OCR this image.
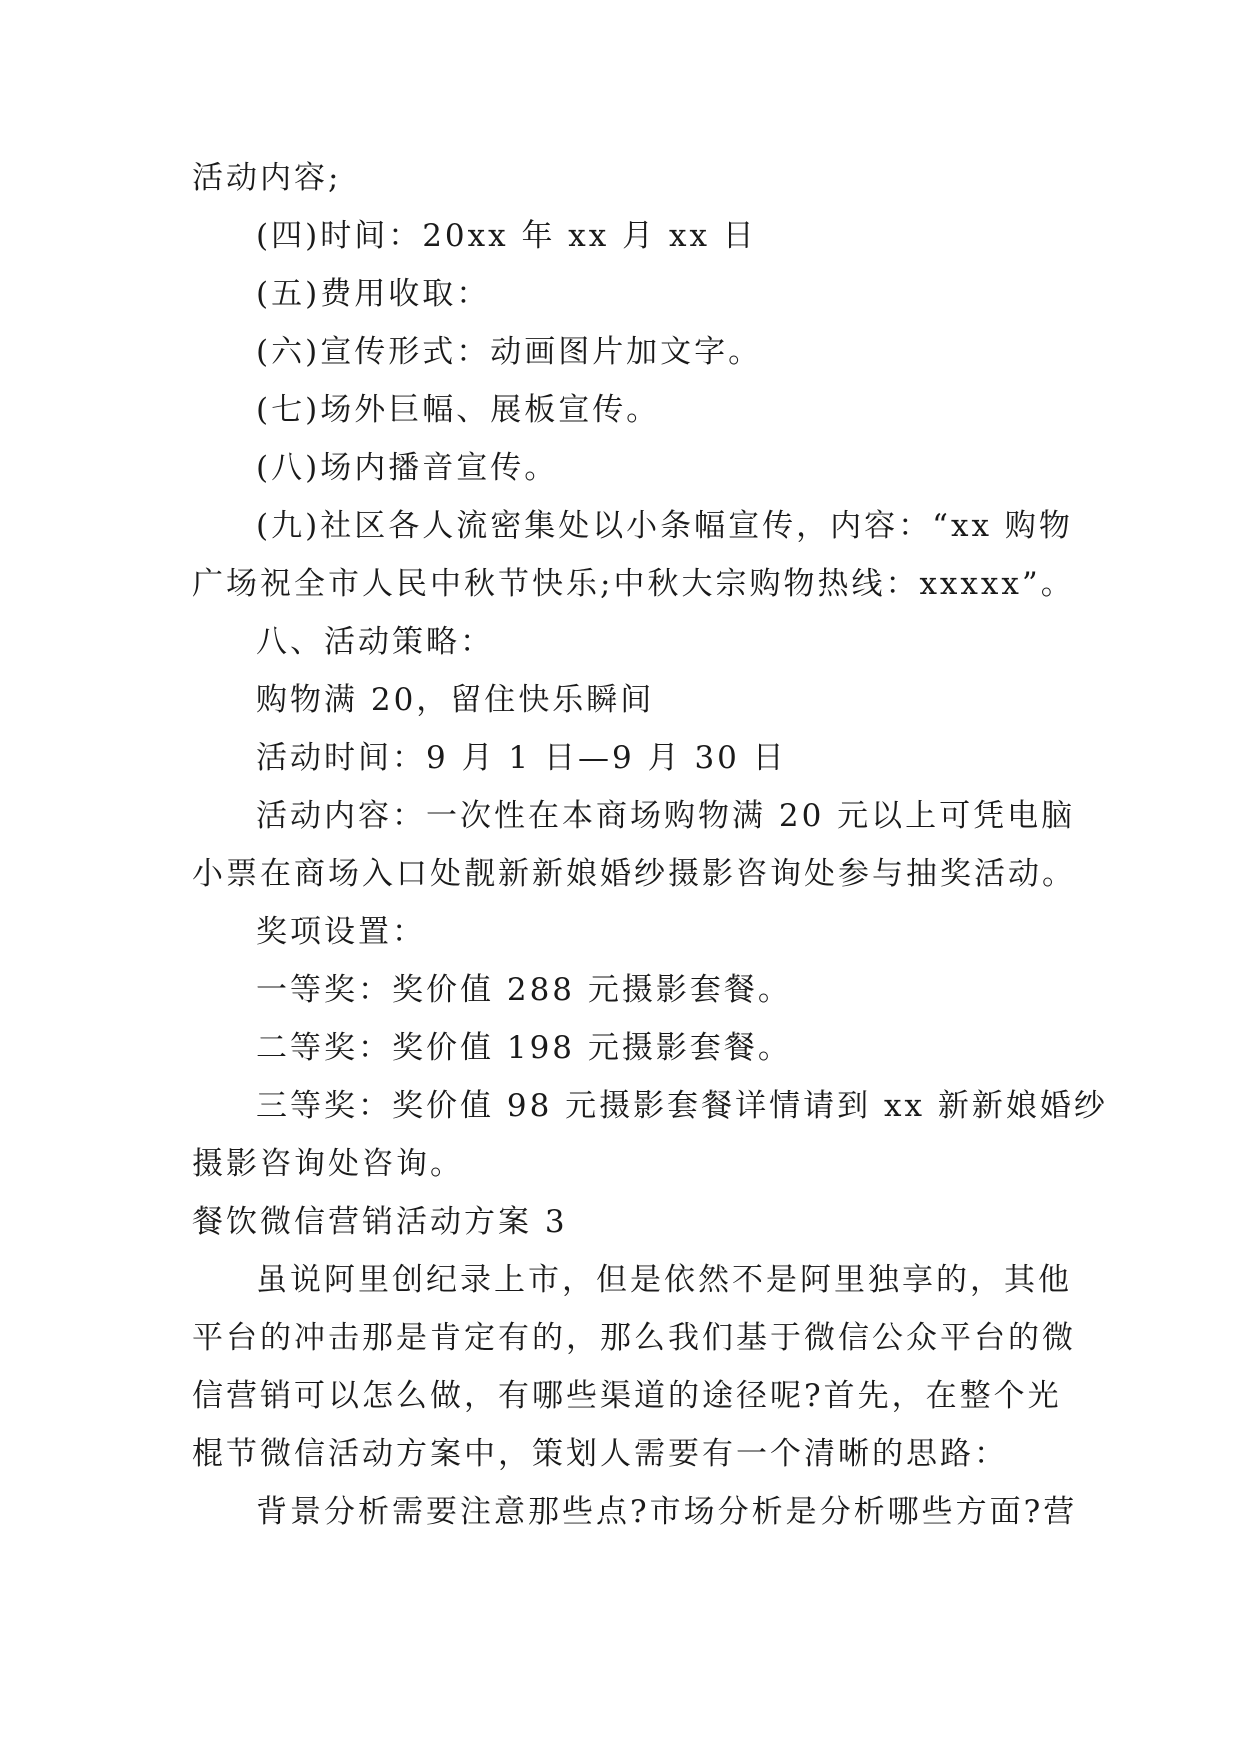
活动内容;
(四)时间：20xx 年 xx 月 xx 日
(五)费用收取：
(六)宣传形式：动画图片加文字。
(七)场外巨幅、展板宣传。
(八)场内播音宣传。
(九)社区各人流密集处以小条幅宣传，内容：“xx 购物
广场祝全市人民中秋节快乐;中秋大宗购物热线：xxxxx”。
八、活动策略：
购物满 20，留住快乐瞬间
活动时间：9 月 1 日—9 月 30 日
活动内容：一次性在本商场购物满 20 元以上可凭电脑
小票在商场入口处靓新新娘婚纱摄影咨询处参与抽奖活动。
奖项设置：
一等奖：奖价值 288 元摄影套餐。
二等奖：奖价值 198 元摄影套餐。
三等奖：奖价值 98 元摄影套餐详情请到 xx 新新娘婚纱
摄影咨询处咨询。
餐饮微信营销活动方案 3
虽说阿里创纪录上市，但是依然不是阿里独享的，其他
平台的冲击那是肯定有的，那么我们基于微信公众平台的微
信营销可以怎么做，有哪些渠道的途径呢?首先，在整个光
棍节微信活动方案中，策划人需要有一个清晰的思路：
背景分析需要注意那些点?市场分析是分析哪些方面?营
